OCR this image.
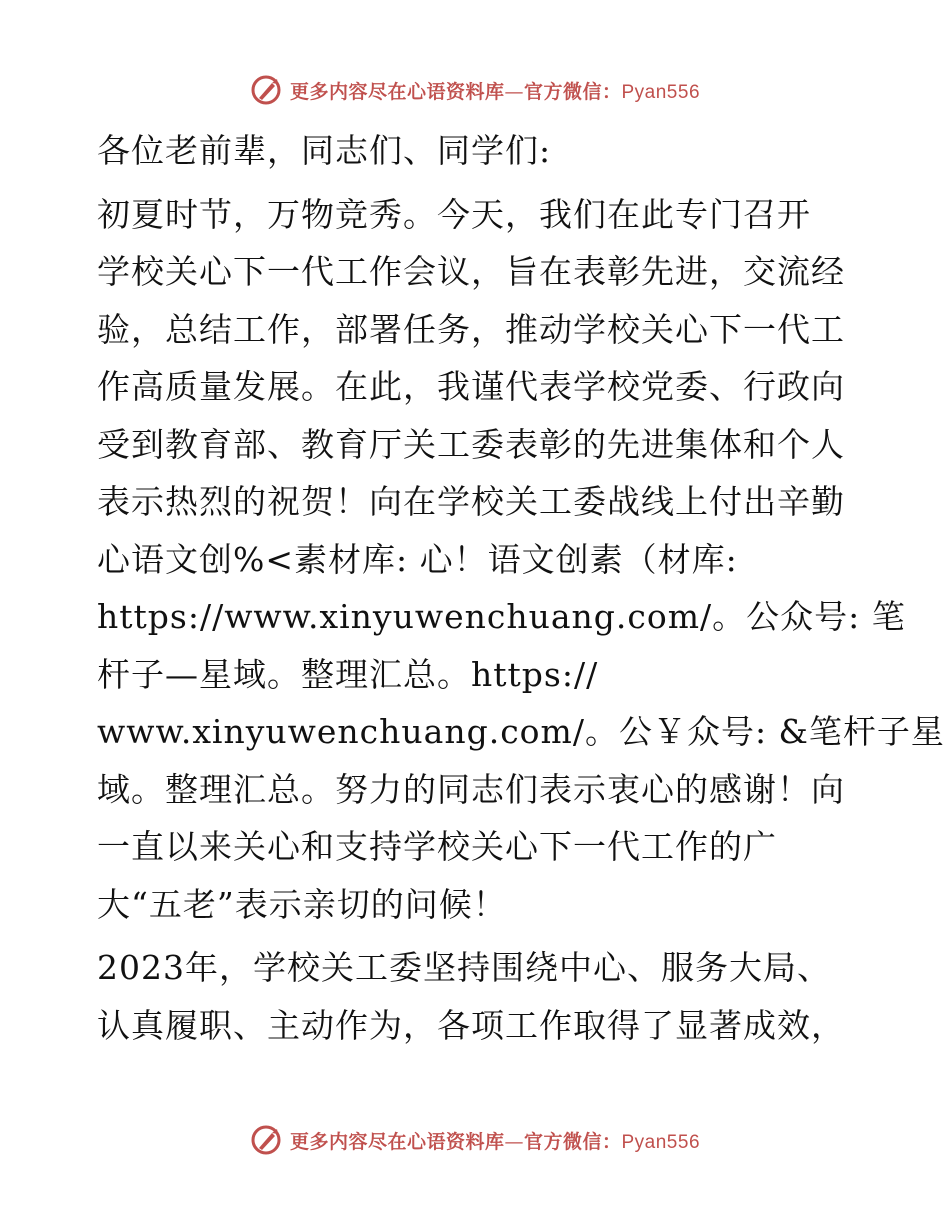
更多内容尽在心语资料库—官方微信：Pyan556

各位老前辈，同志们、同学们:

初夏时节，万物竞秀。今天，我们在此专门召开
学校关心下一代工作会议，旨在表彰先进，交流经
验，总结工作，部署任务，推动学校关心下一代工
作高质量发展。在此，我谨代表学校党委、行政向
受到教育部、教育厅关工委表彰的先进集体和个人
表示热烈的祝贺！向在学校关工委战线上付出辛勤
心语文创%<素材库: 心！语文创素（材库:
https://www.xinyuwenchuang.com/。公众号: 笔
杆子—星域。整理汇总。https://
www.xinyuwenchuang.com/。公￥众号: &笔杆子星
域。整理汇总。努力的同志们表示衷心的感谢！向
一直以来关心和支持学校关心下一代工作的广
大“五老”表示亲切的问候！

2023年，学校关工委坚持围绕中心、服务大局、
认真履职、主动作为，各项工作取得了显著成效，

更多内容尽在心语资料库—官方微信：Pyan556
